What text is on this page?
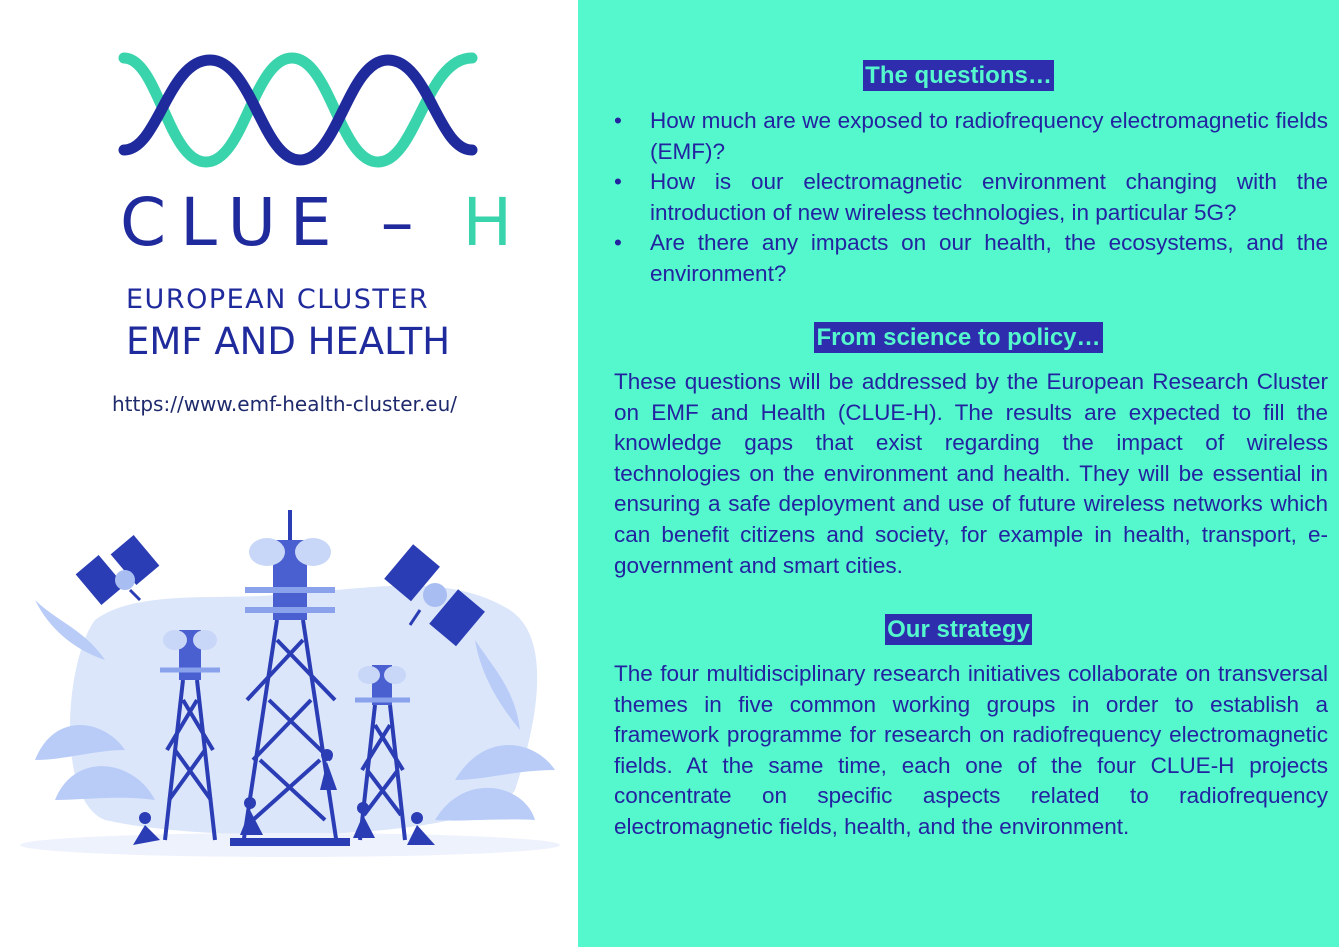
CLUE – H
EUROPEAN CLUSTER
EMF AND HEALTH
https://www.emf-health-cluster.eu/
The questions…
• How much are we exposed to radiofrequency electromagnetic fields (EMF)?
• How is our electromagnetic environment changing with the introduction of new wireless technologies, in particular 5G?
• Are there any impacts on our health, the ecosystems, and the environment?
From science to policy…

These questions will be addressed by the European Research Cluster on EMF and Health (CLUE-H). The results are expected to fill the knowledge gaps that exist regarding the impact of wireless technologies on the environment and health. They will be essential in ensuring a safe deployment and use of future wireless networks which can benefit citizens and society, for example in health, transport, e-government and smart cities.

Our strategy

The four multidisciplinary research initiatives collaborate on transversal themes in five common working groups in order to establish a framework programme for research on radiofrequency electromagnetic fields. At the same time, each one of the four CLUE-H projects concentrate on specific aspects related to radiofrequency electromagnetic fields, health, and the environment.
